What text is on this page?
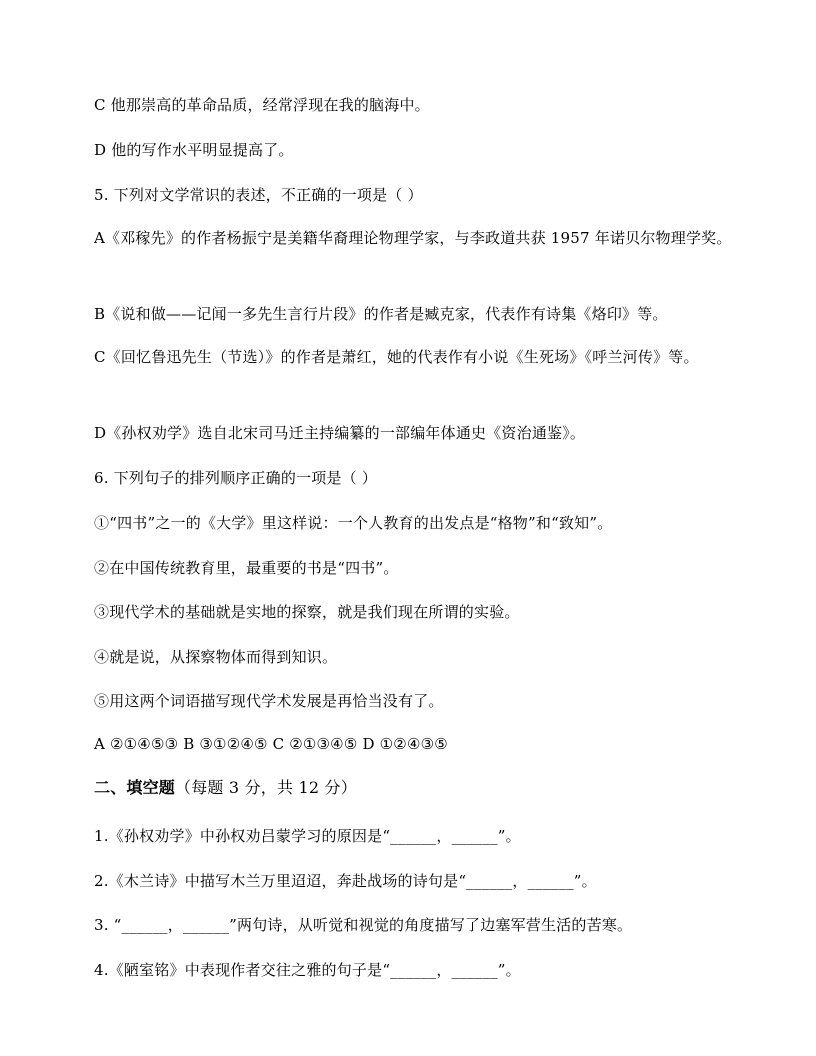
C 他那崇高的革命品质，经常浮现在我的脑海中。
D 他的写作水平明显提高了。
5. 下列对文学常识的表述，不正确的一项是（ ）
A《邓稼先》的作者杨振宁是美籍华裔理论物理学家，与李政道共获 1957 年诺贝尔物理学奖。
B《说和做——记闻一多先生言行片段》的作者是臧克家，代表作有诗集《烙印》等。
C《回忆鲁迅先生（节选）》的作者是萧红，她的代表作有小说《生死场》《呼兰河传》等。
D《孙权劝学》选自北宋司马迁主持编纂的一部编年体通史《资治通鉴》。
6. 下列句子的排列顺序正确的一项是（ ）
①“四书”之一的《大学》里这样说：一个人教育的出发点是“格物”和“致知”。
②在中国传统教育里，最重要的书是“四书”。
③现代学术的基础就是实地的探察，就是我们现在所谓的实验。
④就是说，从探察物体而得到知识。
⑤用这两个词语描写现代学术发展是再恰当没有了。
A ②①④⑤③ B ③①②④⑤ C ②①③④⑤ D ①②④③⑤
二、填空题（每题 3 分，共 12 分）
1.《孙权劝学》中孙权劝吕蒙学习的原因是“______，______”。
2.《木兰诗》中描写木兰万里迢迢，奔赴战场的诗句是“______，______”。
3. “______，______”两句诗，从听觉和视觉的角度描写了边塞军营生活的苦寒。
4.《陋室铭》中表现作者交往之雅的句子是“______，______”。
